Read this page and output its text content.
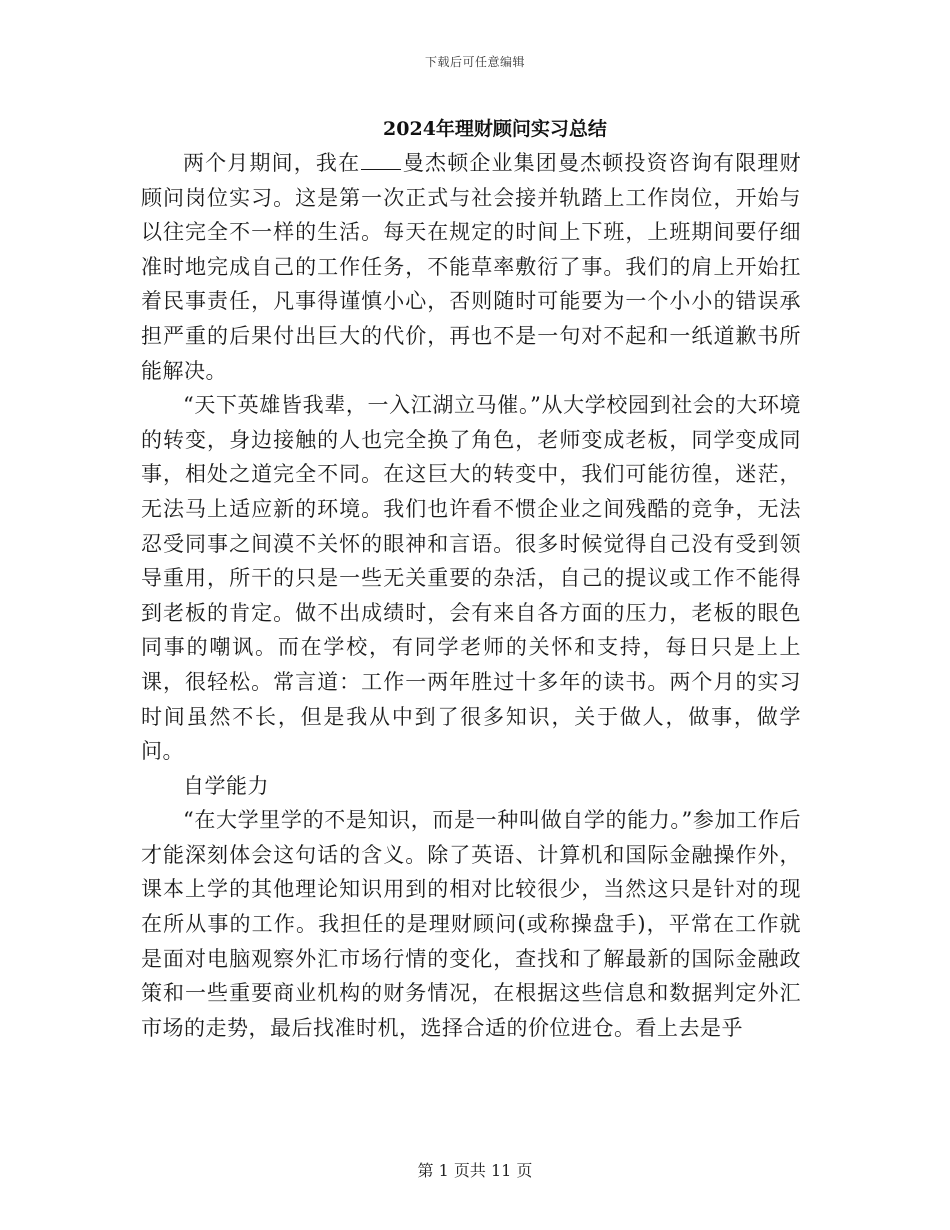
下载后可任意编辑
2024年理财顾问实习总结

两个月期间，我在 曼杰顿企业集团曼杰顿投资咨询有限理财顾问岗位实习。这是第一次正式与社会接并轨踏上工作岗位，开始与以往完全不一样的生活。每天在规定的时间上下班，上班期间要仔细准时地完成自己的工作任务，不能草率敷衍了事。我们的肩上开始扛着民事责任，凡事得谨慎小心，否则随时可能要为一个小小的错误承担严重的后果付出巨大的代价，再也不是一句对不起和一纸道歉书所能解决。

“天下英雄皆我辈，一入江湖立马催。”从大学校园到社会的大环境的转变，身边接触的人也完全换了角色，老师变成老板，同学变成同事，相处之道完全不同。在这巨大的转变中，我们可能彷徨，迷茫，无法马上适应新的环境。我们也许看不惯企业之间残酷的竞争，无法忍受同事之间漠不关怀的眼神和言语。很多时候觉得自己没有受到领导重用，所干的只是一些无关重要的杂活，自己的提议或工作不能得到老板的肯定。做不出成绩时，会有来自各方面的压力，老板的眼色同事的嘲讽。而在学校，有同学老师的关怀和支持，每日只是上上课，很轻松。常言道：工作一两年胜过十多年的读书。两个月的实习时间虽然不长，但是我从中到了很多知识，关于做人，做事，做学问。

自学能力

“在大学里学的不是知识，而是一种叫做自学的能力。”参加工作后才能深刻体会这句话的含义。除了英语、计算机和国际金融操作外，课本上学的其他理论知识用到的相对比较很少，当然这只是针对的现在所从事的工作。我担任的是理财顾问(或称操盘手)，平常在工作就是面对电脑观察外汇市场行情的变化，查找和了解最新的国际金融政策和一些重要商业机构的财务情况，在根据这些信息和数据判定外汇市场的走势，最后找准时机，选择合适的价位进仓。看上去是乎

第 1 页共 11 页
